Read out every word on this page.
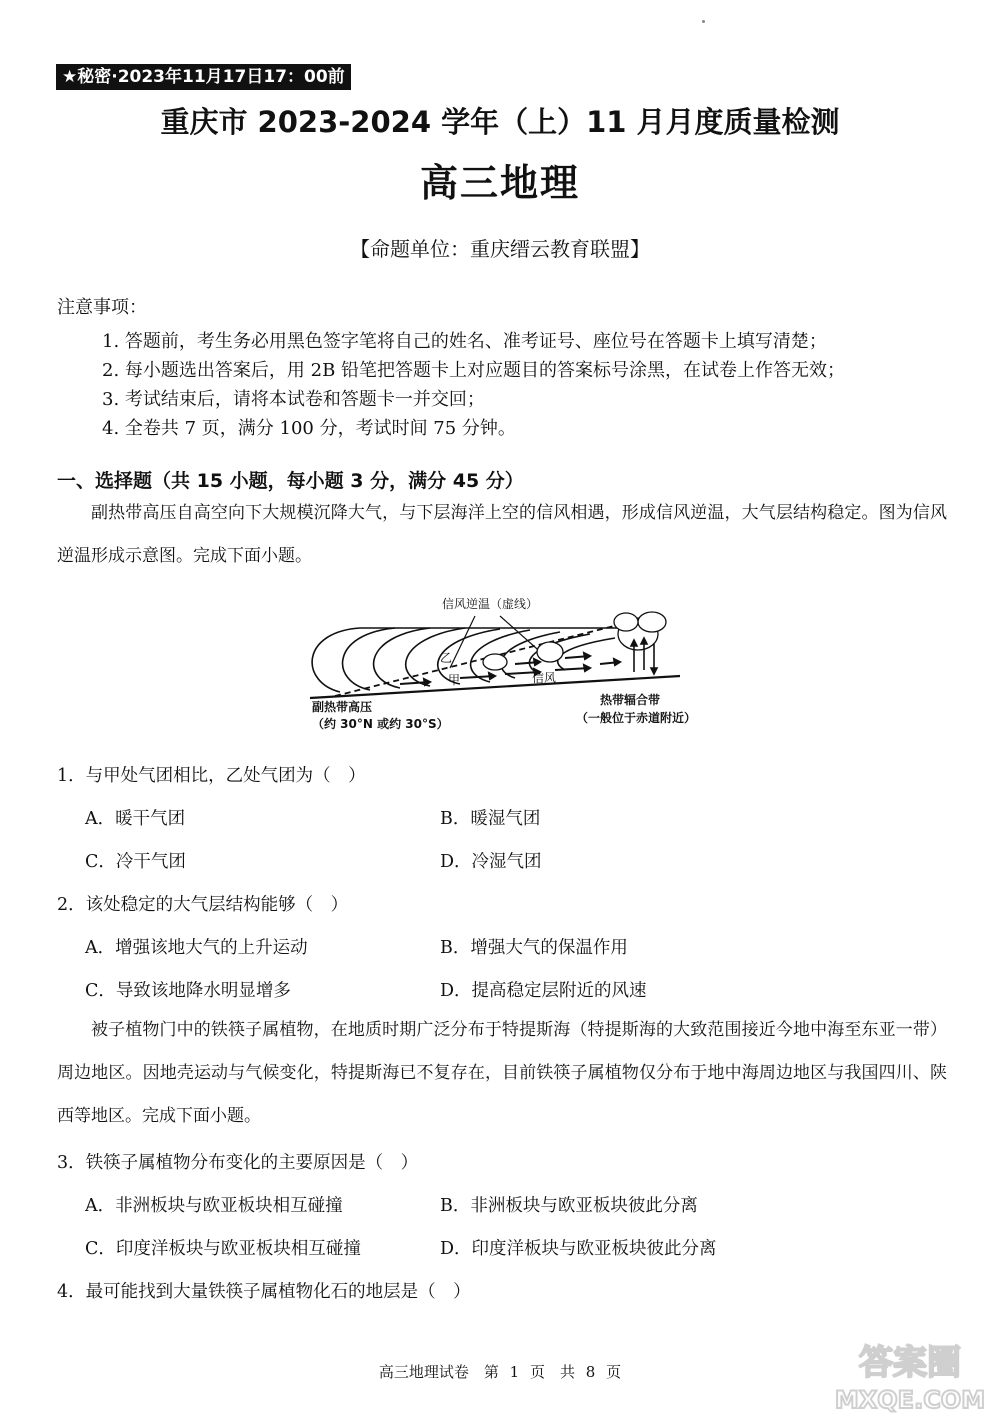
★秘密·2023年11月17日17：00前
重庆市 2023-2024 学年（上）11 月月度质量检测
高三地理
【命题单位：重庆缙云教育联盟】
注意事项：
1. 答题前，考生务必用黑色签字笔将自己的姓名、准考证号、座位号在答题卡上填写清楚；
2. 每小题选出答案后，用 2B 铅笔把答题卡上对应题目的答案标号涂黑，在试卷上作答无效；
3. 考试结束后，请将本试卷和答题卡一并交回；
4. 全卷共 7 页，满分 100 分，考试时间 75 分钟。
一、选择题（共 15 小题，每小题 3 分，满分 45 分）
副热带高压自高空向下大规模沉降大气，与下层海洋上空的信风相遇，形成信风逆温，大气层结构稳定。图为信风逆温形成示意图。完成下面小题。
信风逆温（虚线）
乙
甲	信风
副热带高压
（约 30°N 或约 30°S）
热带辐合带
（一般位于赤道附近）
1．与甲处气团相比，乙处气团为（　）
A．暖干气团	B．暖湿气团
C．冷干气团	D．冷湿气团
2．该处稳定的大气层结构能够（　）
A．增强该地大气的上升运动	B．增强大气的保温作用
C．导致该地降水明显增多	D．提高稳定层附近的风速
被子植物门中的铁筷子属植物，在地质时期广泛分布于特提斯海（特提斯海的大致范围接近今地中海至东亚一带）周边地区。因地壳运动与气候变化，特提斯海已不复存在，目前铁筷子属植物仅分布于地中海周边地区与我国四川、陕西等地区。完成下面小题。
3．铁筷子属植物分布变化的主要原因是（　）
A．非洲板块与欧亚板块相互碰撞	B．非洲板块与欧亚板块彼此分离
C．印度洋板块与欧亚板块相互碰撞	D．印度洋板块与欧亚板块彼此分离
4．最可能找到大量铁筷子属植物化石的地层是（　）
高三地理试卷　第 1 页　共 8 页	答案圈
MXQE.COM
